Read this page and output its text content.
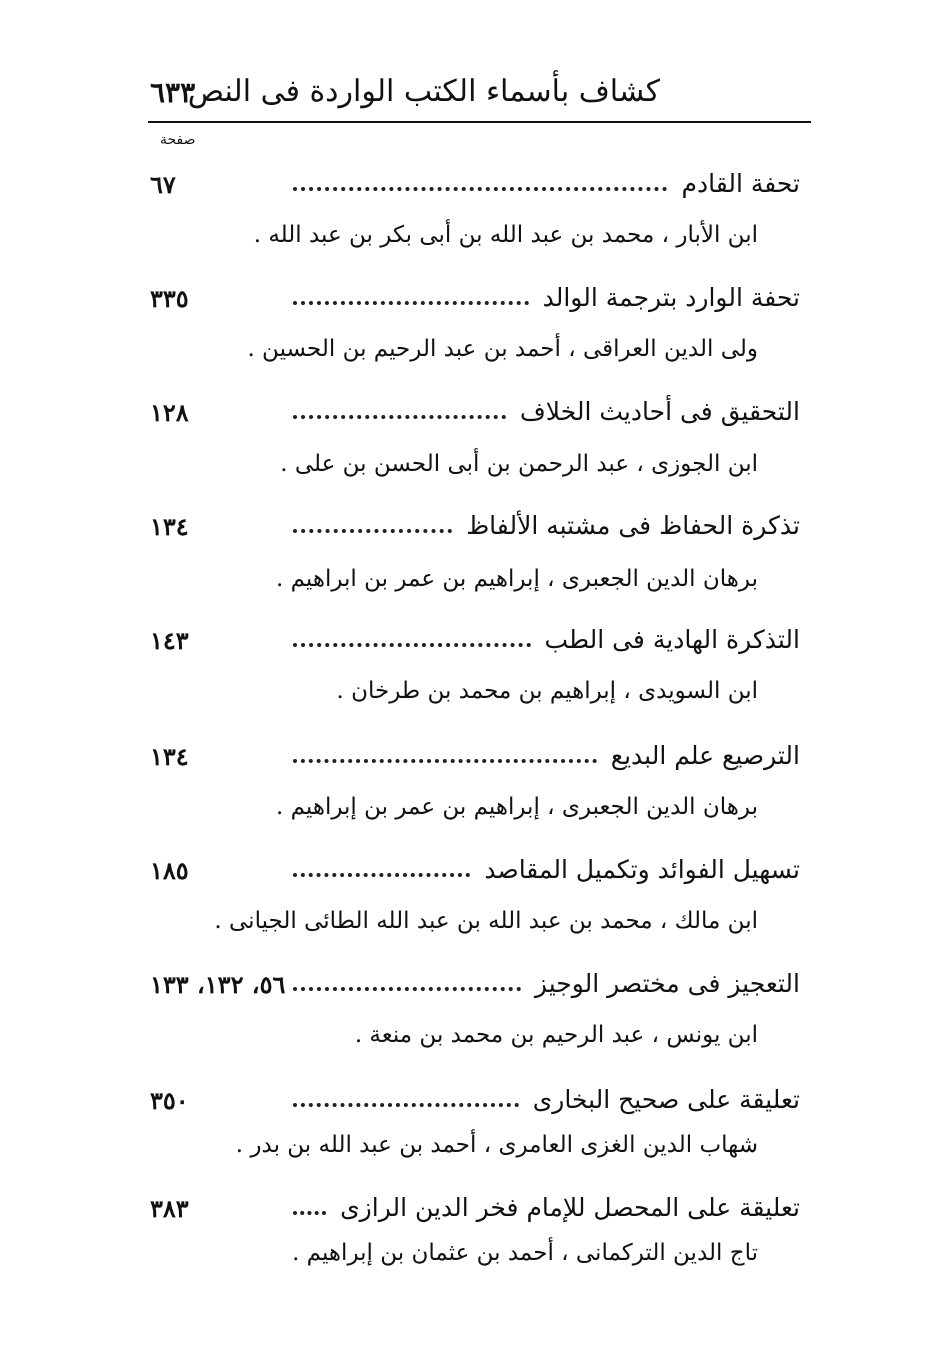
كشاف بأسماء الكتب الواردة فى النص
٦٣٣
صفحة
تحفة القادم
٦٧
ابن الأبار ، محمد بن عبد الله بن أبى بكر بن عبد الله .
تحفة الوارد بترجمة الوالد
٣٣٥
ولى الدين العراقى ، أحمد بن عبد الرحيم بن الحسين .
التحقيق فى أحاديث الخلاف
١٢٨
ابن الجوزى ، عبد الرحمن بن أبى الحسن بن على .
تذكرة الحفاظ فى مشتبه الألفاظ
١٣٤
برهان الدين الجعبرى ، إبراهيم بن عمر بن ابراهيم .
التذكرة الهادية فى الطب
١٤٣
ابن السويدى ، إبراهيم بن محمد بن طرخان .
الترصيع علم البديع
١٣٤
برهان الدين الجعبرى ، إبراهيم بن عمر بن إبراهيم .
تسهيل الفوائد وتكميل المقاصد
١٨٥
ابن مالك ، محمد بن عبد الله بن عبد الله الطائى الجيانى .
التعجيز فى مختصر الوجيز
٥٦، ١٣٢، ١٣٣
ابن يونس ، عبد الرحيم بن محمد بن منعة .
تعليقة على صحيح البخارى
٣٥٠
شهاب الدين الغزى العامرى ، أحمد بن عبد الله بن بدر .
تعليقة على المحصل للإمام فخر الدين الرازى
٣٨٣
تاج الدين التركمانى ، أحمد بن عثمان بن إبراهيم .
